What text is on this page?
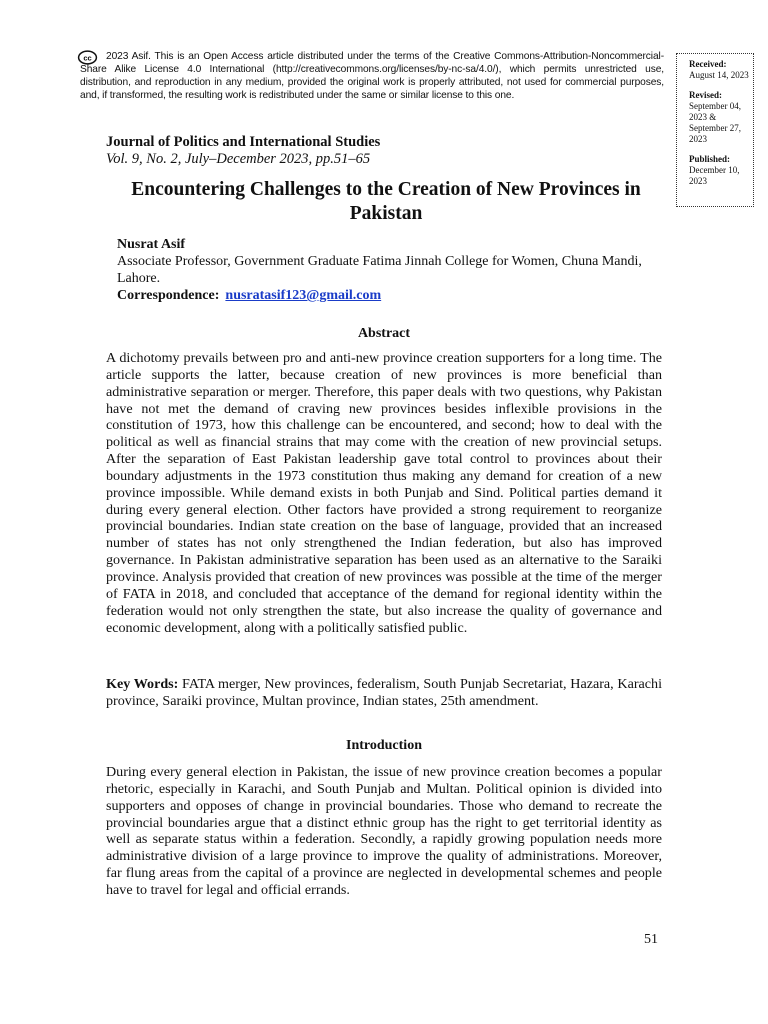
cc	2023 Asif. This is an Open Access article distributed under the terms of the Creative Commons-Attribution-Noncommercial-Share Alike License 4.0 International (http://creativecommons.org/licenses/by-nc-sa/4.0/), which permits unrestricted use, distribution, and reproduction in any medium, provided the original work is properly attributed, not used for commercial purposes, and, if transformed, the resulting work is redistributed under the same or similar license to this one.
Received:
August 14, 2023
Revised:
September 04, 2023 & September 27, 2023
Published:
December 10, 2023
Journal of Politics and International Studies
Vol. 9, No. 2, July–December 2023, pp.51–65
Encountering Challenges to the Creation of New Provinces in Pakistan
Nusrat Asif
Associate Professor, Government Graduate Fatima Jinnah College for Women, Chuna Mandi, Lahore.
Correspondence: nusratasif123@gmail.com
Abstract
A dichotomy prevails between pro and anti-new province creation supporters for a long time. The article supports the latter, because creation of new provinces is more beneficial than administrative separation or merger. Therefore, this paper deals with two questions, why Pakistan have not met the demand of craving new provinces besides inflexible provisions in the constitution of 1973, how this challenge can be encountered, and second; how to deal with the political as well as financial strains that may come with the creation of new provincial setups. After the separation of East Pakistan leadership gave total control to provinces about their boundary adjustments in the 1973 constitution thus making any demand for creation of a new province impossible. While demand exists in both Punjab and Sind. Political parties demand it during every general election. Other factors have provided a strong requirement to reorganize provincial boundaries. Indian state creation on the base of language, provided that an increased number of states has not only strengthened the Indian federation, but also has improved governance. In Pakistan administrative separation has been used as an alternative to the Saraiki province. Analysis provided that creation of new provinces was possible at the time of the merger of FATA in 2018, and concluded that acceptance of the demand for regional identity within the federation would not only strengthen the state, but also increase the quality of governance and economic development, along with a politically satisfied public.
Key Words: FATA merger, New provinces, federalism, South Punjab Secretariat, Hazara, Karachi province, Saraiki province, Multan province, Indian states, 25th amendment.
Introduction
During every general election in Pakistan, the issue of new province creation becomes a popular rhetoric, especially in Karachi, and South Punjab and Multan. Political opinion is divided into supporters and opposes of change in provincial boundaries. Those who demand to recreate the provincial boundaries argue that a distinct ethnic group has the right to get territorial identity as well as separate status within a federation. Secondly, a rapidly growing population needs more administrative division of a large province to improve the quality of administrations. Moreover, far flung areas from the capital of a province are neglected in developmental schemes and people have to travel for legal and official errands.
51
